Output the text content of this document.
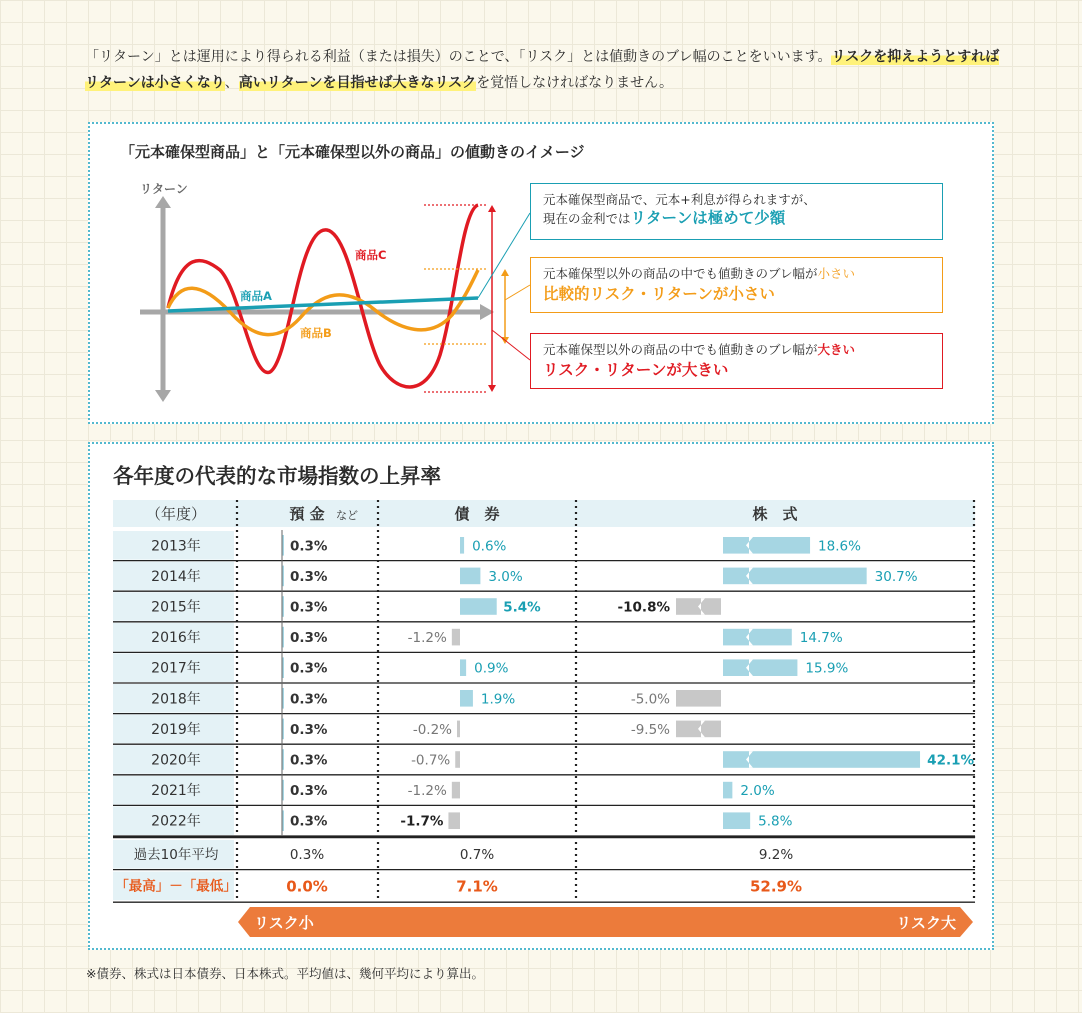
「リターン」とは運用により得られる利益（または損失）のことで、「リスク」とは値動きのブレ幅のことをいいます。リスクを抑えようとすればリターンは小さくなり、高いリターンを目指せば大きなリスクを覚悟しなければなりません。
「元本確保型商品」と「元本確保型以外の商品」の値動きのイメージ
リターン
商品C
商品A
商品B
元本確保型商品で、元本+利息が得られますが、
現在の金利ではリターンは極めて少額
元本確保型以外の商品の中でも値動きのブレ幅が小さい
比較的リスク・リターンが小さい
元本確保型以外の商品の中でも値動きのブレ幅が大きい
リスク・リターンが大きい
各年度の代表的な市場指数の上昇率
（年度）	預 金 など	債　券	株　式
2013年	0.3%	0.6%	18.6%
2014年	0.3%	3.0%	30.7%
2015年	0.3%	5.4%	-10.8%
2016年	0.3%	-1.2%	14.7%
2017年	0.3%	0.9%	15.9%
2018年	0.3%	1.9%	-5.0%
2019年	0.3%	-0.2%	-9.5%
2020年	0.3%	-0.7%	42.1%
2021年	0.3%	-1.2%	2.0%
2022年	0.3%	-1.7%	5.8%
過去10年平均	0.3%	0.7%	9.2%
「最高」－「最低」	0.0%	7.1%	52.9%
リスク小	リスク大
※債券、株式は日本債券、日本株式。平均値は、幾何平均により算出。
